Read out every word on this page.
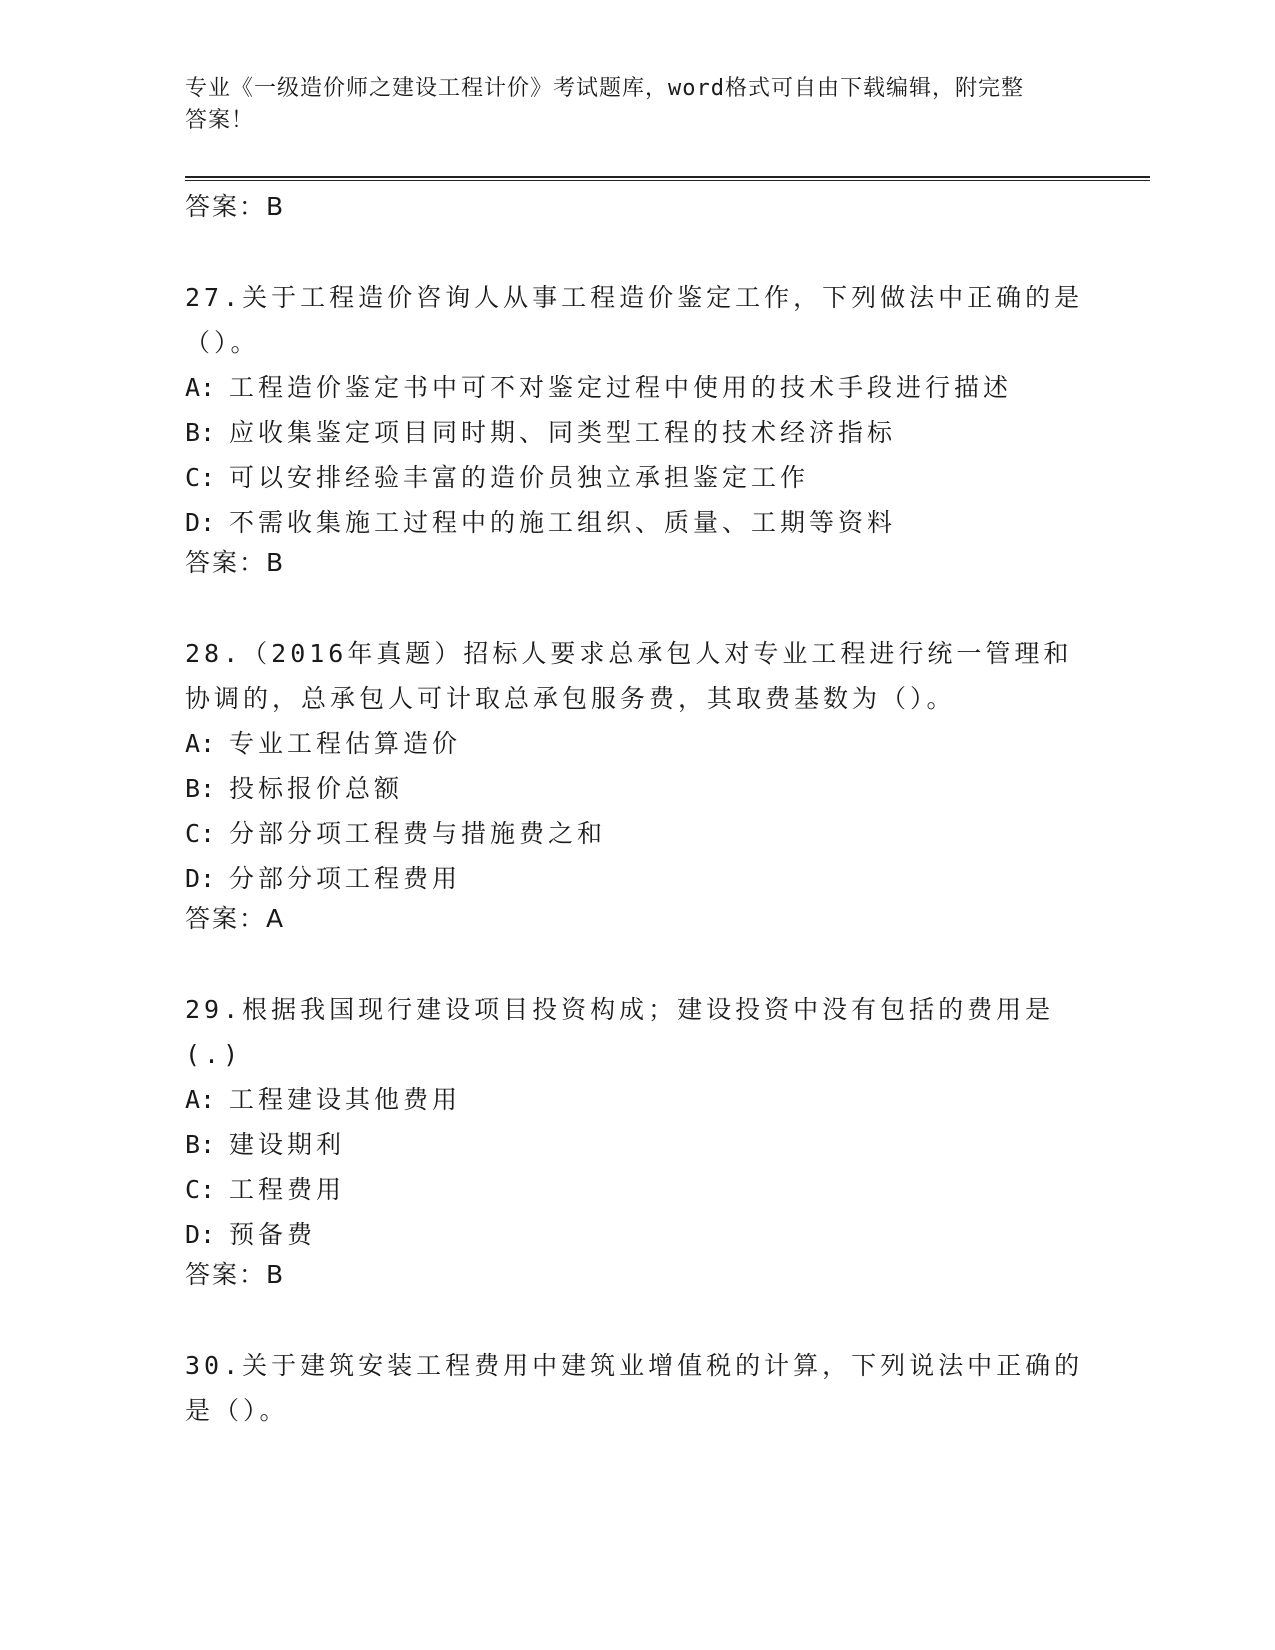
专业《一级造价师之建设工程计价》考试题库，word格式可自由下载编辑，附完整答案！
答案：B
27.关于工程造价咨询人从事工程造价鉴定工作，下列做法中正确的是（）。
A: 工程造价鉴定书中可不对鉴定过程中使用的技术手段进行描述
B: 应收集鉴定项目同时期、同类型工程的技术经济指标
C: 可以安排经验丰富的造价员独立承担鉴定工作
D: 不需收集施工过程中的施工组织、质量、工期等资料
答案：B
28.（2016年真题）招标人要求总承包人对专业工程进行统一管理和协调的，总承包人可计取总承包服务费，其取费基数为（）。
A: 专业工程估算造价
B: 投标报价总额
C: 分部分项工程费与措施费之和
D: 分部分项工程费用
答案：A
29.根据我国现行建设项目投资构成；建设投资中没有包括的费用是(.)
A: 工程建设其他费用
B: 建设期利
C: 工程费用
D: 预备费
答案：B
30.关于建筑安装工程费用中建筑业增值税的计算，下列说法中正确的是（）。
